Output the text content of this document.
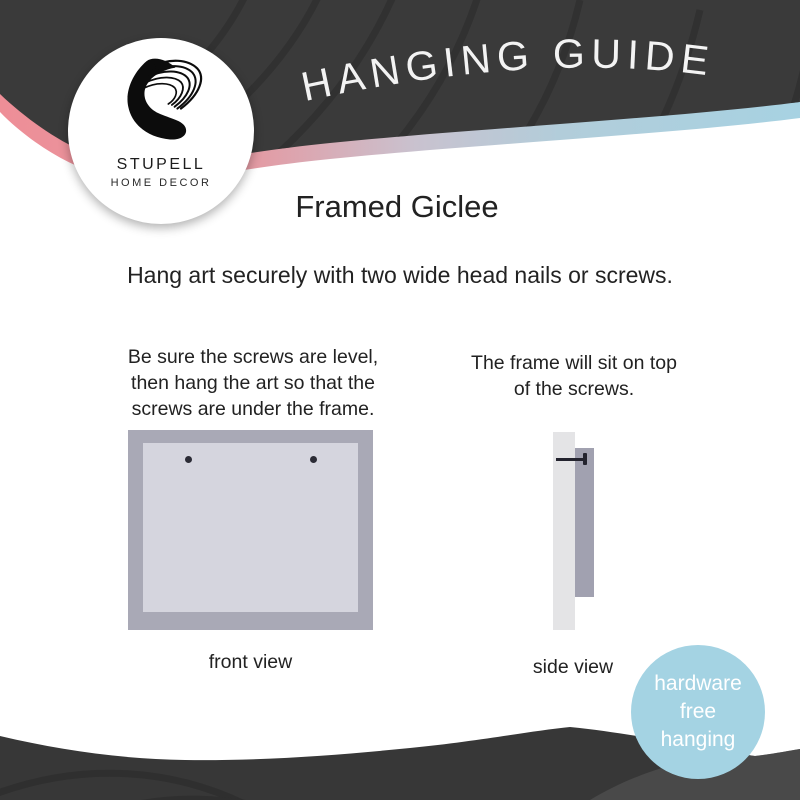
HANGING GUIDE
STUPELL
HOME DECOR
Framed Giclee
Hang art securely with two wide head nails or screws.
Be sure the screws are level,
then hang the art so that the
screws are under the frame.
The frame will sit on top
of the screws.
front view	side view
hardware
free
hanging
